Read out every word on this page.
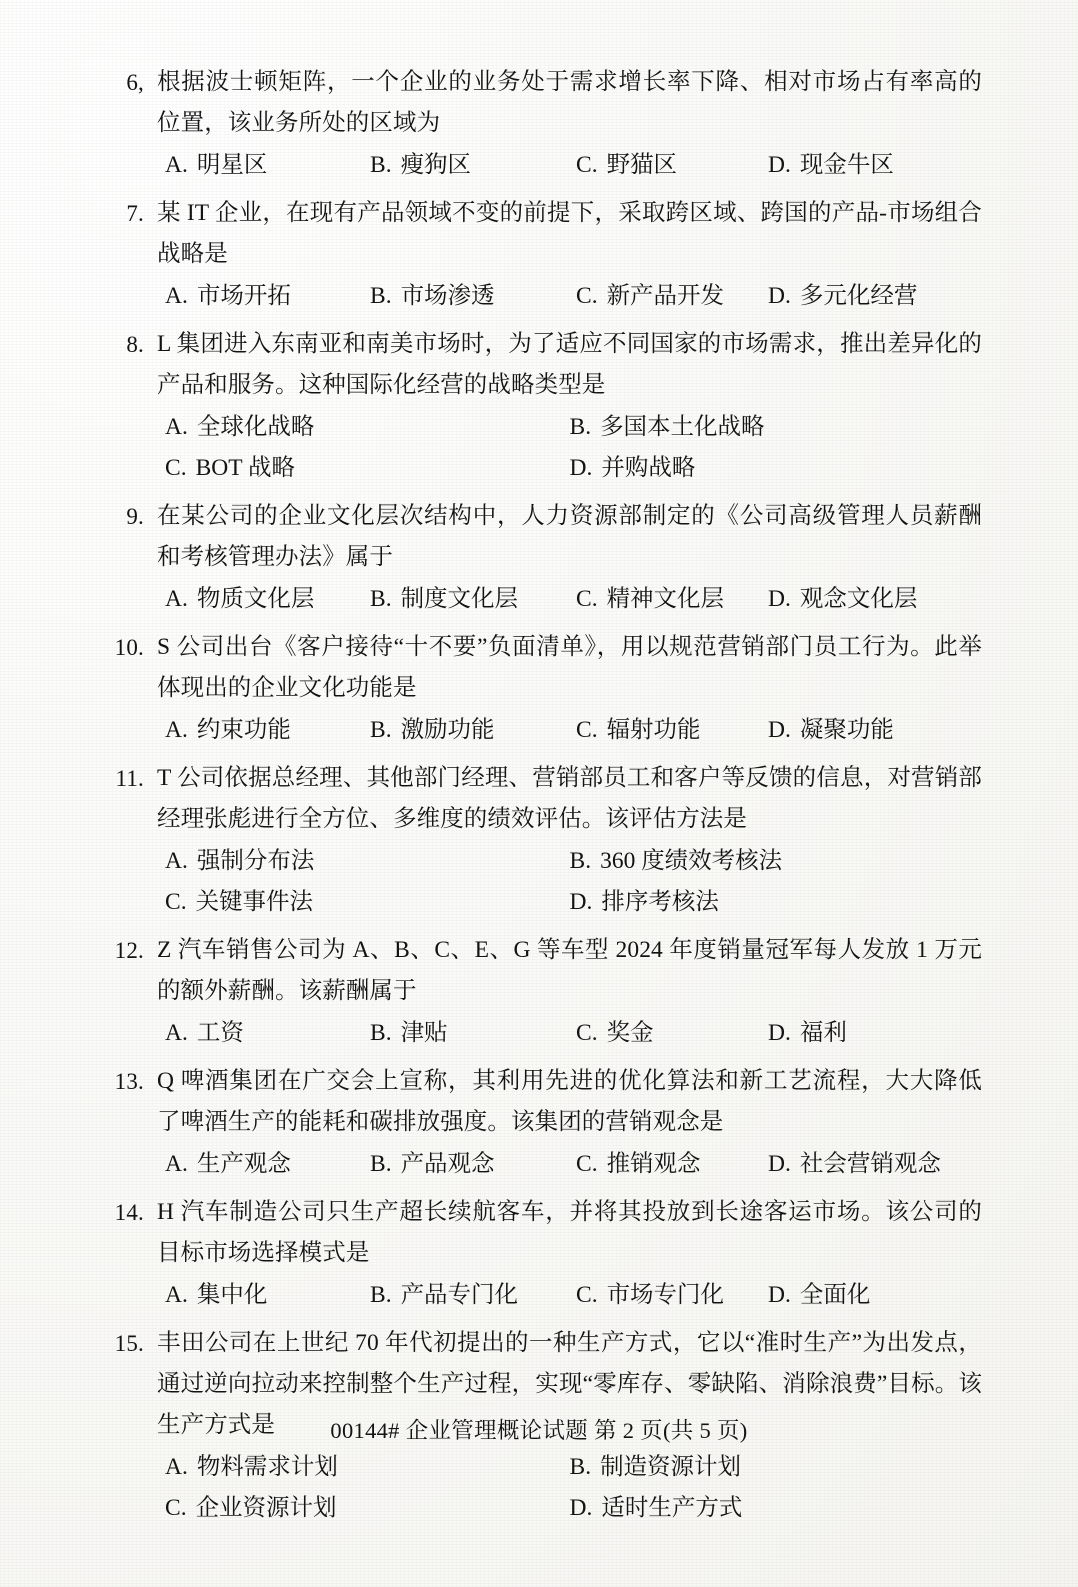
6, 根据波士顿矩阵，一个企业的业务处于需求增长率下降、相对市场占有率高的位置，该业务所处的区域为
A . 明星区	B . 瘦狗区	C . 野猫区	D . 现金牛区
7. 某 IT 企业，在现有产品领域不变的前提下，采取跨区域、跨国的产品-市场组合战略是
A . 市场开拓	B . 市场渗透	C . 新产品开发	D . 多元化经营
8. L 集团进入东南亚和南美市场时，为了适应不同国家的市场需求，推出差异化的产品和服务。这种国际化经营的战略类型是
A . 全球化战略	B . 多国本土化战略
C . BOT 战略	D . 并购战略
9. 在某公司的企业文化层次结构中，人力资源部制定的《公司高级管理人员薪酬和考核管理办法》属于
A . 物质文化层	B . 制度文化层	C . 精神文化层	D . 观念文化层
10. S 公司出台《客户接待“十不要”负面清单》，用以规范营销部门员工行为。此举体现出的企业文化功能是
A . 约束功能	B . 激励功能	C . 辐射功能	D . 凝聚功能
11. T 公司依据总经理、其他部门经理、营销部员工和客户等反馈的信息，对营销部经理张彪进行全方位、多维度的绩效评估。该评估方法是
A . 强制分布法	B . 360 度绩效考核法
C . 关键事件法	D . 排序考核法
12. Z 汽车销售公司为 A、B、C、E、G 等车型 2024 年度销量冠军每人发放 1 万元的额外薪酬。该薪酬属于
A . 工资	B . 津贴	C . 奖金	D . 福利
13. Q 啤酒集团在广交会上宣称，其利用先进的优化算法和新工艺流程，大大降低了啤酒生产的能耗和碳排放强度。该集团的营销观念是
A . 生产观念	B . 产品观念	C . 推销观念	D . 社会营销观念
14. H 汽车制造公司只生产超长续航客车，并将其投放到长途客运市场。该公司的目标市场选择模式是
A . 集中化	B . 产品专门化	C . 市场专门化	D . 全面化
15. 丰田公司在上世纪 70 年代初提出的一种生产方式，它以“准时生产”为出发点，通过逆向拉动来控制整个生产过程，实现“零库存、零缺陷、消除浪费”目标。该生产方式是
A . 物料需求计划	B . 制造资源计划
C . 企业资源计划	D . 适时生产方式
00144# 企业管理概论试题 第 2 页(共 5 页)
